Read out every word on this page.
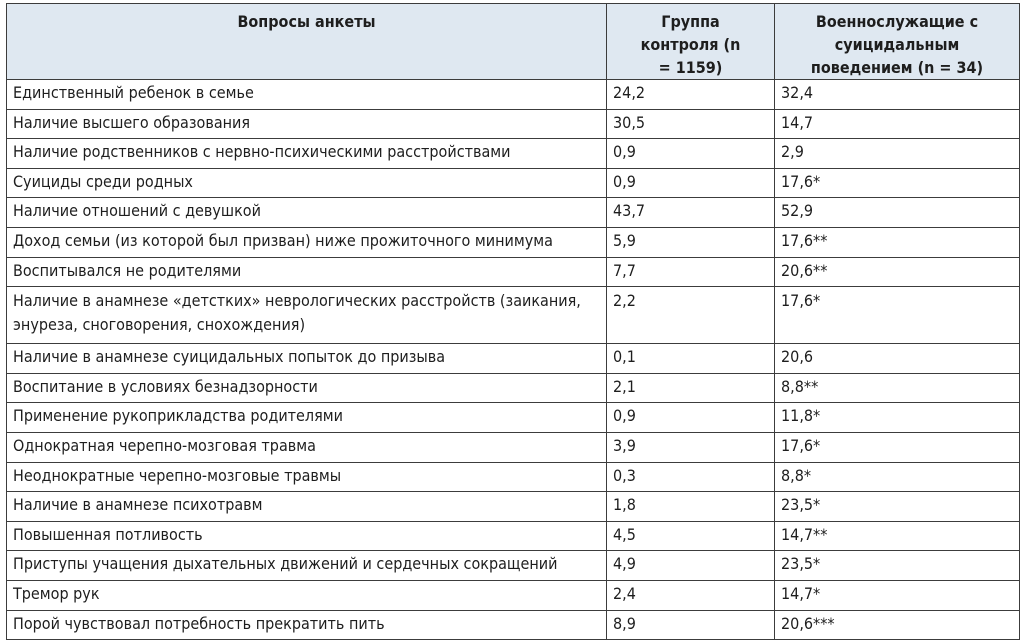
Вопросы анкеты	Группа контроля (n = 1159)	Военнослужащие с суицидальным поведением (n = 34)
Единственный ребенок в семье	24,2	32,4
Наличие высшего образования	30,5	14,7
Наличие родственников с нервно-психическими расстройствами	0,9	2,9
Суициды среди родных	0,9	17,6*
Наличие отношений с девушкой	43,7	52,9
Доход семьи (из которой был призван) ниже прожиточного минимума	5,9	17,6**
Воспитывался не родителями	7,7	20,6**
Наличие в анамнезе «детстких» неврологических расстройств (заикания, энуреза, сноговорения, снохождения)	2,2	17,6*
Наличие в анамнезе суицидальных попыток до призыва	0,1	20,6
Воспитание в условиях безнадзорности	2,1	8,8**
Применение рукоприкладства родителями	0,9	11,8*
Однократная черепно-мозговая травма	3,9	17,6*
Неоднократные черепно-мозговые травмы	0,3	8,8*
Наличие в анамнезе психотравм	1,8	23,5*
Повышенная потливость	4,5	14,7**
Приступы учащения дыхательных движений и сердечных сокращений	4,9	23,5*
Тремор рук	2,4	14,7*
Порой чувствовал потребность прекратить пить	8,9	20,6***
